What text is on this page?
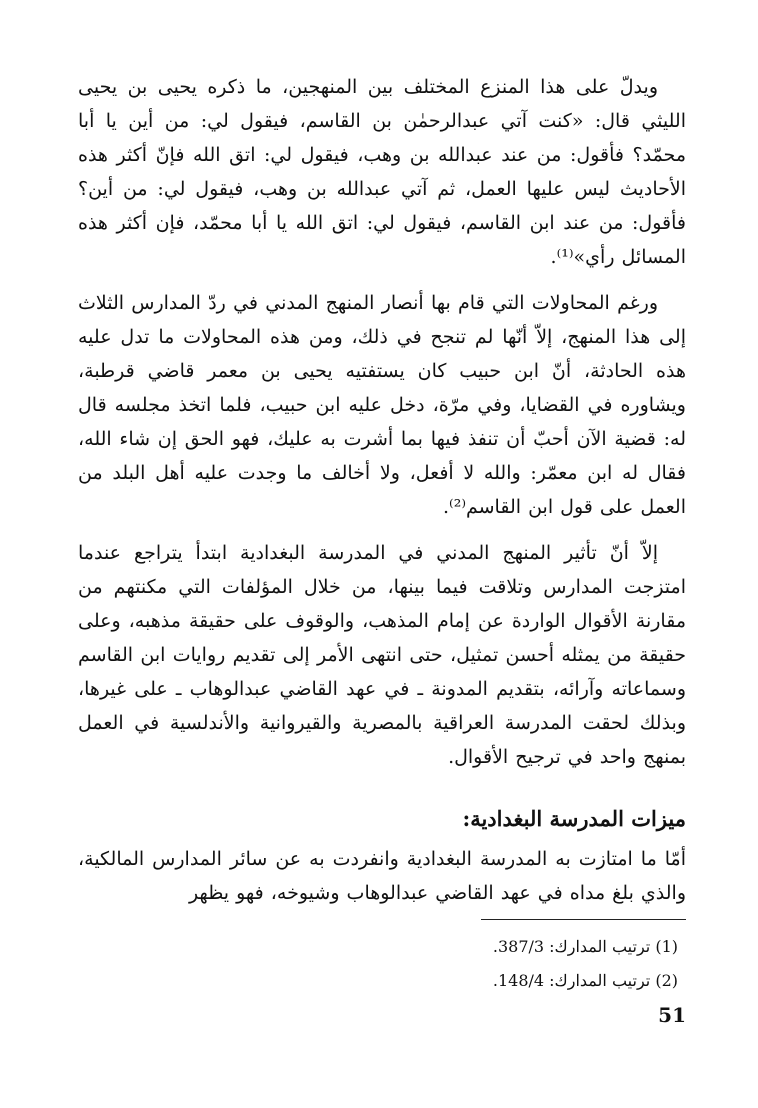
ويدلّ على هذا المنزع المختلف بين المنهجين، ما ذكره يحيى بن يحيى الليثي قال: «كنت آتي عبدالرحمٰن بن القاسم، فيقول لي: من أين يا أبا محمّد؟ فأقول: من عند عبدالله بن وهب، فيقول لي: اتق الله فإنّ أكثر هذه الأحاديث ليس عليها العمل، ثم آتي عبدالله بن وهب، فيقول لي: من أين؟ فأقول: من عند ابن القاسم، فيقول لي: اتق الله يا أبا محمّد، فإن أكثر هذه المسائل رأي»⁽¹⁾.

ورغم المحاولات التي قام بها أنصار المنهج المدني في ردّ المدارس الثلاث إلى هذا المنهج، إلاّ أنّها لم تنجح في ذلك، ومن هذه المحاولات ما تدل عليه هذه الحادثة، أنّ ابن حبيب كان يستفتيه يحيى بن معمر قاضي قرطبة، ويشاوره في القضايا، وفي مرّة، دخل عليه ابن حبيب، فلما اتخذ مجلسه قال له: قضية الآن أحبّ أن تنفذ فيها بما أشرت به عليك، فهو الحق إن شاء الله، فقال له ابن معمّر: والله لا أفعل، ولا أخالف ما وجدت عليه أهل البلد من العمل على قول ابن القاسم⁽²⁾.

إلاّ أنّ تأثير المنهج المدني في المدرسة البغدادية ابتدأ يتراجع عندما امتزجت المدارس وتلاقت فيما بينها، من خلال المؤلفات التي مكنتهم من مقارنة الأقوال الواردة عن إمام المذهب، والوقوف على حقيقة مذهبه، وعلى حقيقة من يمثله أحسن تمثيل، حتى انتهى الأمر إلى تقديم روايات ابن القاسم وسماعاته وآرائه، بتقديم المدونة ـ في عهد القاضي عبدالوهاب ـ على غيرها، وبذلك لحقت المدرسة العراقية بالمصرية والقيروانية والأندلسية في العمل بمنهج واحد في ترجيح الأقوال.

ميزات المدرسة البغدادية:

أمّا ما امتازت به المدرسة البغدادية وانفردت به عن سائر المدارس المالكية، والذي بلغ مداه في عهد القاضي عبدالوهاب وشيوخه، فهو يظهر

(1) ترتيب المدارك: 387/3.
(2) ترتيب المدارك: 148/4.
51
